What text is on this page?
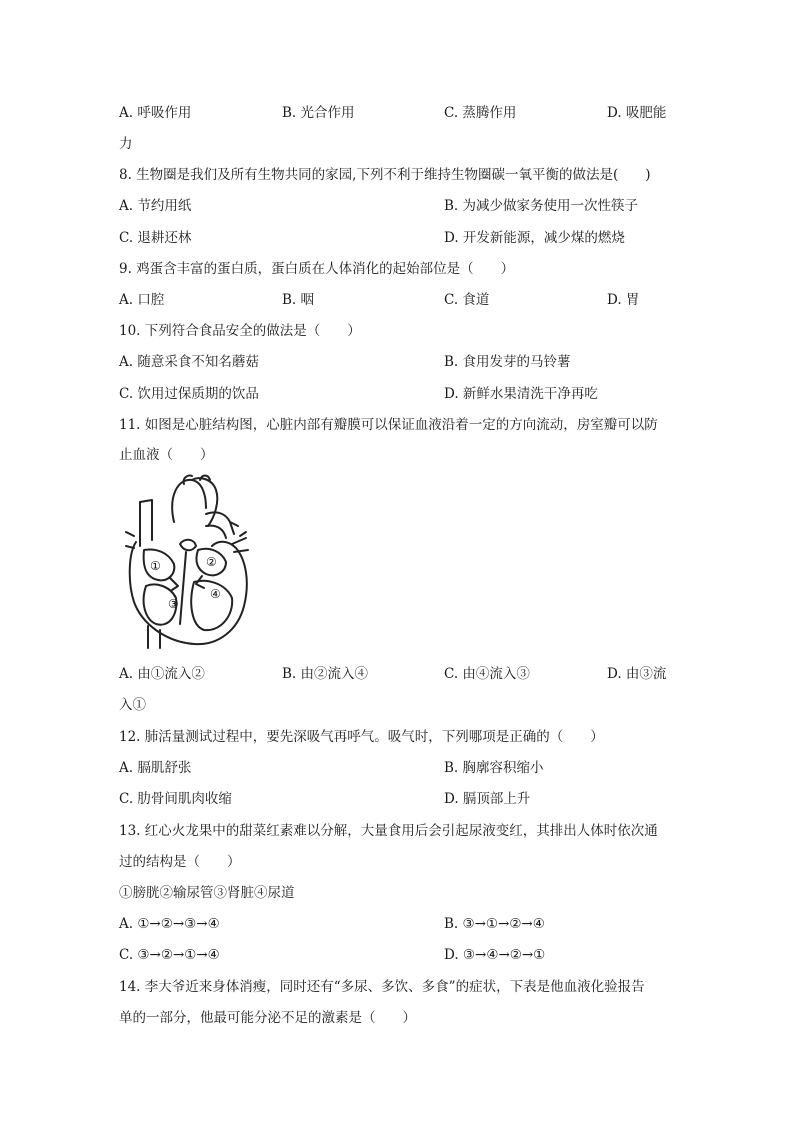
A. 呼吸作用	B. 光合作用	C. 蒸腾作用	D. 吸肥能
力
8. 生物圈是我们及所有生物共同的家园,下列不利于维持生物圈碳一氧平衡的做法是(　　)
A. 节约用纸	B. 为减少做家务使用一次性筷子
C. 退耕还林	D. 开发新能源，减少煤的燃烧
9. 鸡蛋含丰富的蛋白质，蛋白质在人体消化的起始部位是（　　）
A. 口腔	B. 咽	C. 食道	D. 胃
10. 下列符合食品安全的做法是（　　）
A. 随意采食不知名蘑菇	B. 食用发芽的马铃薯
C. 饮用过保质期的饮品	D. 新鲜水果清洗干净再吃
11. 如图是心脏结构图，心脏内部有瓣膜可以保证血液沿着一定的方向流动，房室瓣可以防
止血液（　　）
①	②
③
④
A. 由①流入②	B. 由②流入④	C. 由④流入③	D. 由③流
入①
12. 肺活量测试过程中，要先深吸气再呼气。吸气时，下列哪项是正确的（　　）
A. 膈肌舒张	B. 胸廓容积缩小
C. 肋骨间肌肉收缩	D. 膈顶部上升
13. 红心火龙果中的甜菜红素难以分解，大量食用后会引起尿液变红，其排出人体时依次通
过的结构是（　　）
①膀胱②输尿管③肾脏④尿道
A. ①→②→③→④	B. ③→①→②→④
C. ③→②→①→④	D. ③→④→②→①
14. 李大爷近来身体消瘦，同时还有“多尿、多饮、多食”的症状，下表是他血液化验报告
单的一部分，他最可能分泌不足的激素是（　　）
